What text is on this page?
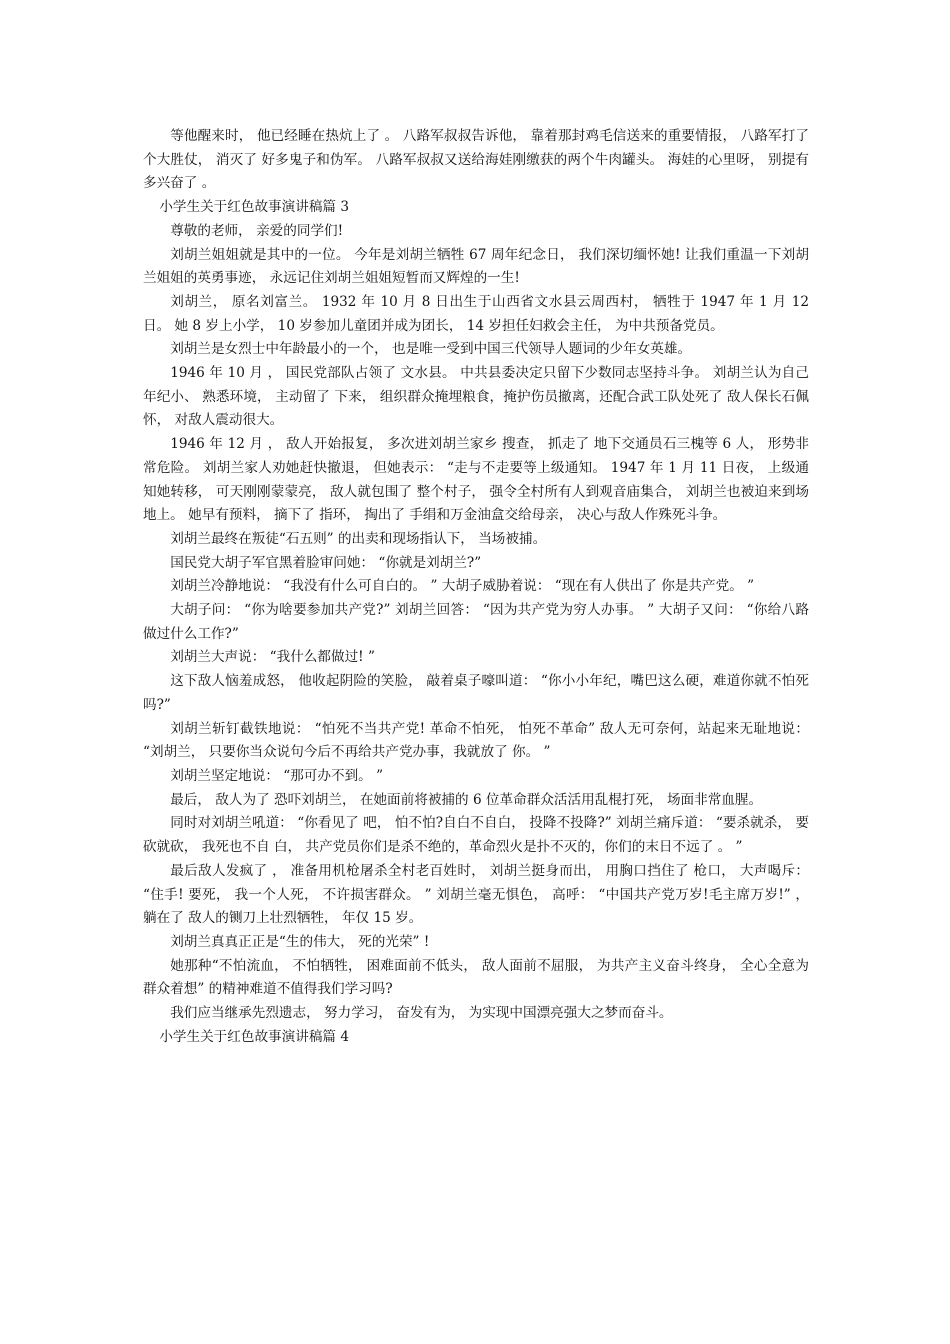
等他醒来时， 他已经睡在热炕上了 。 八路军叔叔告诉他， 靠着那封鸡毛信送来的重要情报， 八路军打了 个大胜仗， 消灭了 好多鬼子和伪军。 八路军叔叔又送给海娃刚缴获的两个牛肉罐头。 海娃的心里呀， 别提有多兴奋了 。

小学生关于红色故事演讲稿篇 3

尊敬的老师， 亲爱的同学们!

刘胡兰姐姐就是其中的一位。 今年是刘胡兰牺牲 67 周年纪念日， 我们深切缅怀她! 让我们重温一下刘胡兰姐姐的英勇事迹， 永远记住刘胡兰姐姐短暂而又辉煌的一生!

刘胡兰， 原名刘富兰。 1932 年 10 月 8 日出生于山西省文水县云周西村， 牺牲于 1947 年 1 月 12 日。 她 8 岁上小学， 10 岁参加儿童团并成为团长， 14 岁担任妇救会主任， 为中共预备党员。

刘胡兰是女烈士中年龄最小的一个， 也是唯一受到中国三代领导人题词的少年女英雄。

1946 年 10 月 ， 国民党部队占领了 文水县。 中共县委决定只留下少数同志坚持斗争。 刘胡兰认为自己年纪小、 熟悉环境， 主动留了 下来， 组织群众掩埋粮食，掩护伤员撤离，还配合武工队处死了 敌人保长石佩怀， 对敌人震动很大。

1946 年 12 月 ， 敌人开始报复， 多次进刘胡兰家乡 搜查， 抓走了 地下交通员石三槐等 6 人， 形势非常危险。 刘胡兰家人劝她赶快撤退， 但她表示： “走与不走要等上级通知。 1947 年 1 月 11 日夜， 上级通知她转移， 可天刚刚蒙蒙亮， 敌人就包围了 整个村子， 强令全村所有人到观音庙集合， 刘胡兰也被迫来到场地上。 她早有预料， 摘下了 指环， 掏出了 手绢和万金油盒交给母亲， 决心与敌人作殊死斗争。

刘胡兰最终在叛徒“石五则” 的出卖和现场指认下， 当场被捕。

国民党大胡子军官黑着脸审问她： “你就是刘胡兰?”

刘胡兰冷静地说： “我没有什么可自白的。 ” 大胡子威胁着说： “现在有人供出了 你是共产党。 ”

大胡子问： “你为啥要参加共产党?” 刘胡兰回答： “因为共产党为穷人办事。 ” 大胡子又问： “你给八路做过什么工作?”

刘胡兰大声说： “我什么都做过! ”

这下敌人恼羞成怒， 他收起阴险的笑脸， 敲着桌子嚎叫道： “你小小年纪，嘴巴这么硬，难道你就不怕死吗?”

刘胡兰斩钉截铁地说： “怕死不当共产党! 革命不怕死， 怕死不革命” 敌人无可奈何，站起来无耻地说： “刘胡兰， 只要你当众说句今后不再给共产党办事，我就放了 你。 ”

刘胡兰坚定地说： “那可办不到。 ”

最后， 敌人为了 恐吓刘胡兰， 在她面前将被捕的 6 位革命群众活活用乱棍打死， 场面非常血腥。

同时对刘胡兰吼道： “你看见了 吧， 怕不怕?自白不自白， 投降不投降?” 刘胡兰痛斥道： “要杀就杀， 要砍就砍， 我死也不自 白， 共产党员你们是杀不绝的，革命烈火是扑不灭的，你们的末日不远了 。 ”

最后敌人发疯了 ， 准备用机枪屠杀全村老百姓时， 刘胡兰挺身而出， 用胸口挡住了 枪口， 大声喝斥： “住手! 要死， 我一个人死， 不许损害群众。 ” 刘胡兰毫无惧色， 高呼： “中国共产党万岁!毛主席万岁!” ， 躺在了 敌人的铡刀上壮烈牺牲， 年仅 15 岁。

刘胡兰真真正正是“生的伟大， 死的光荣” !

她那种“不怕流血， 不怕牺牲， 困难面前不低头， 敌人面前不屈服， 为共产主义奋斗终身， 全心全意为群众着想” 的精神难道不值得我们学习吗?

我们应当继承先烈遗志， 努力学习， 奋发有为， 为实现中国漂亮强大之梦而奋斗。

小学生关于红色故事演讲稿篇 4
